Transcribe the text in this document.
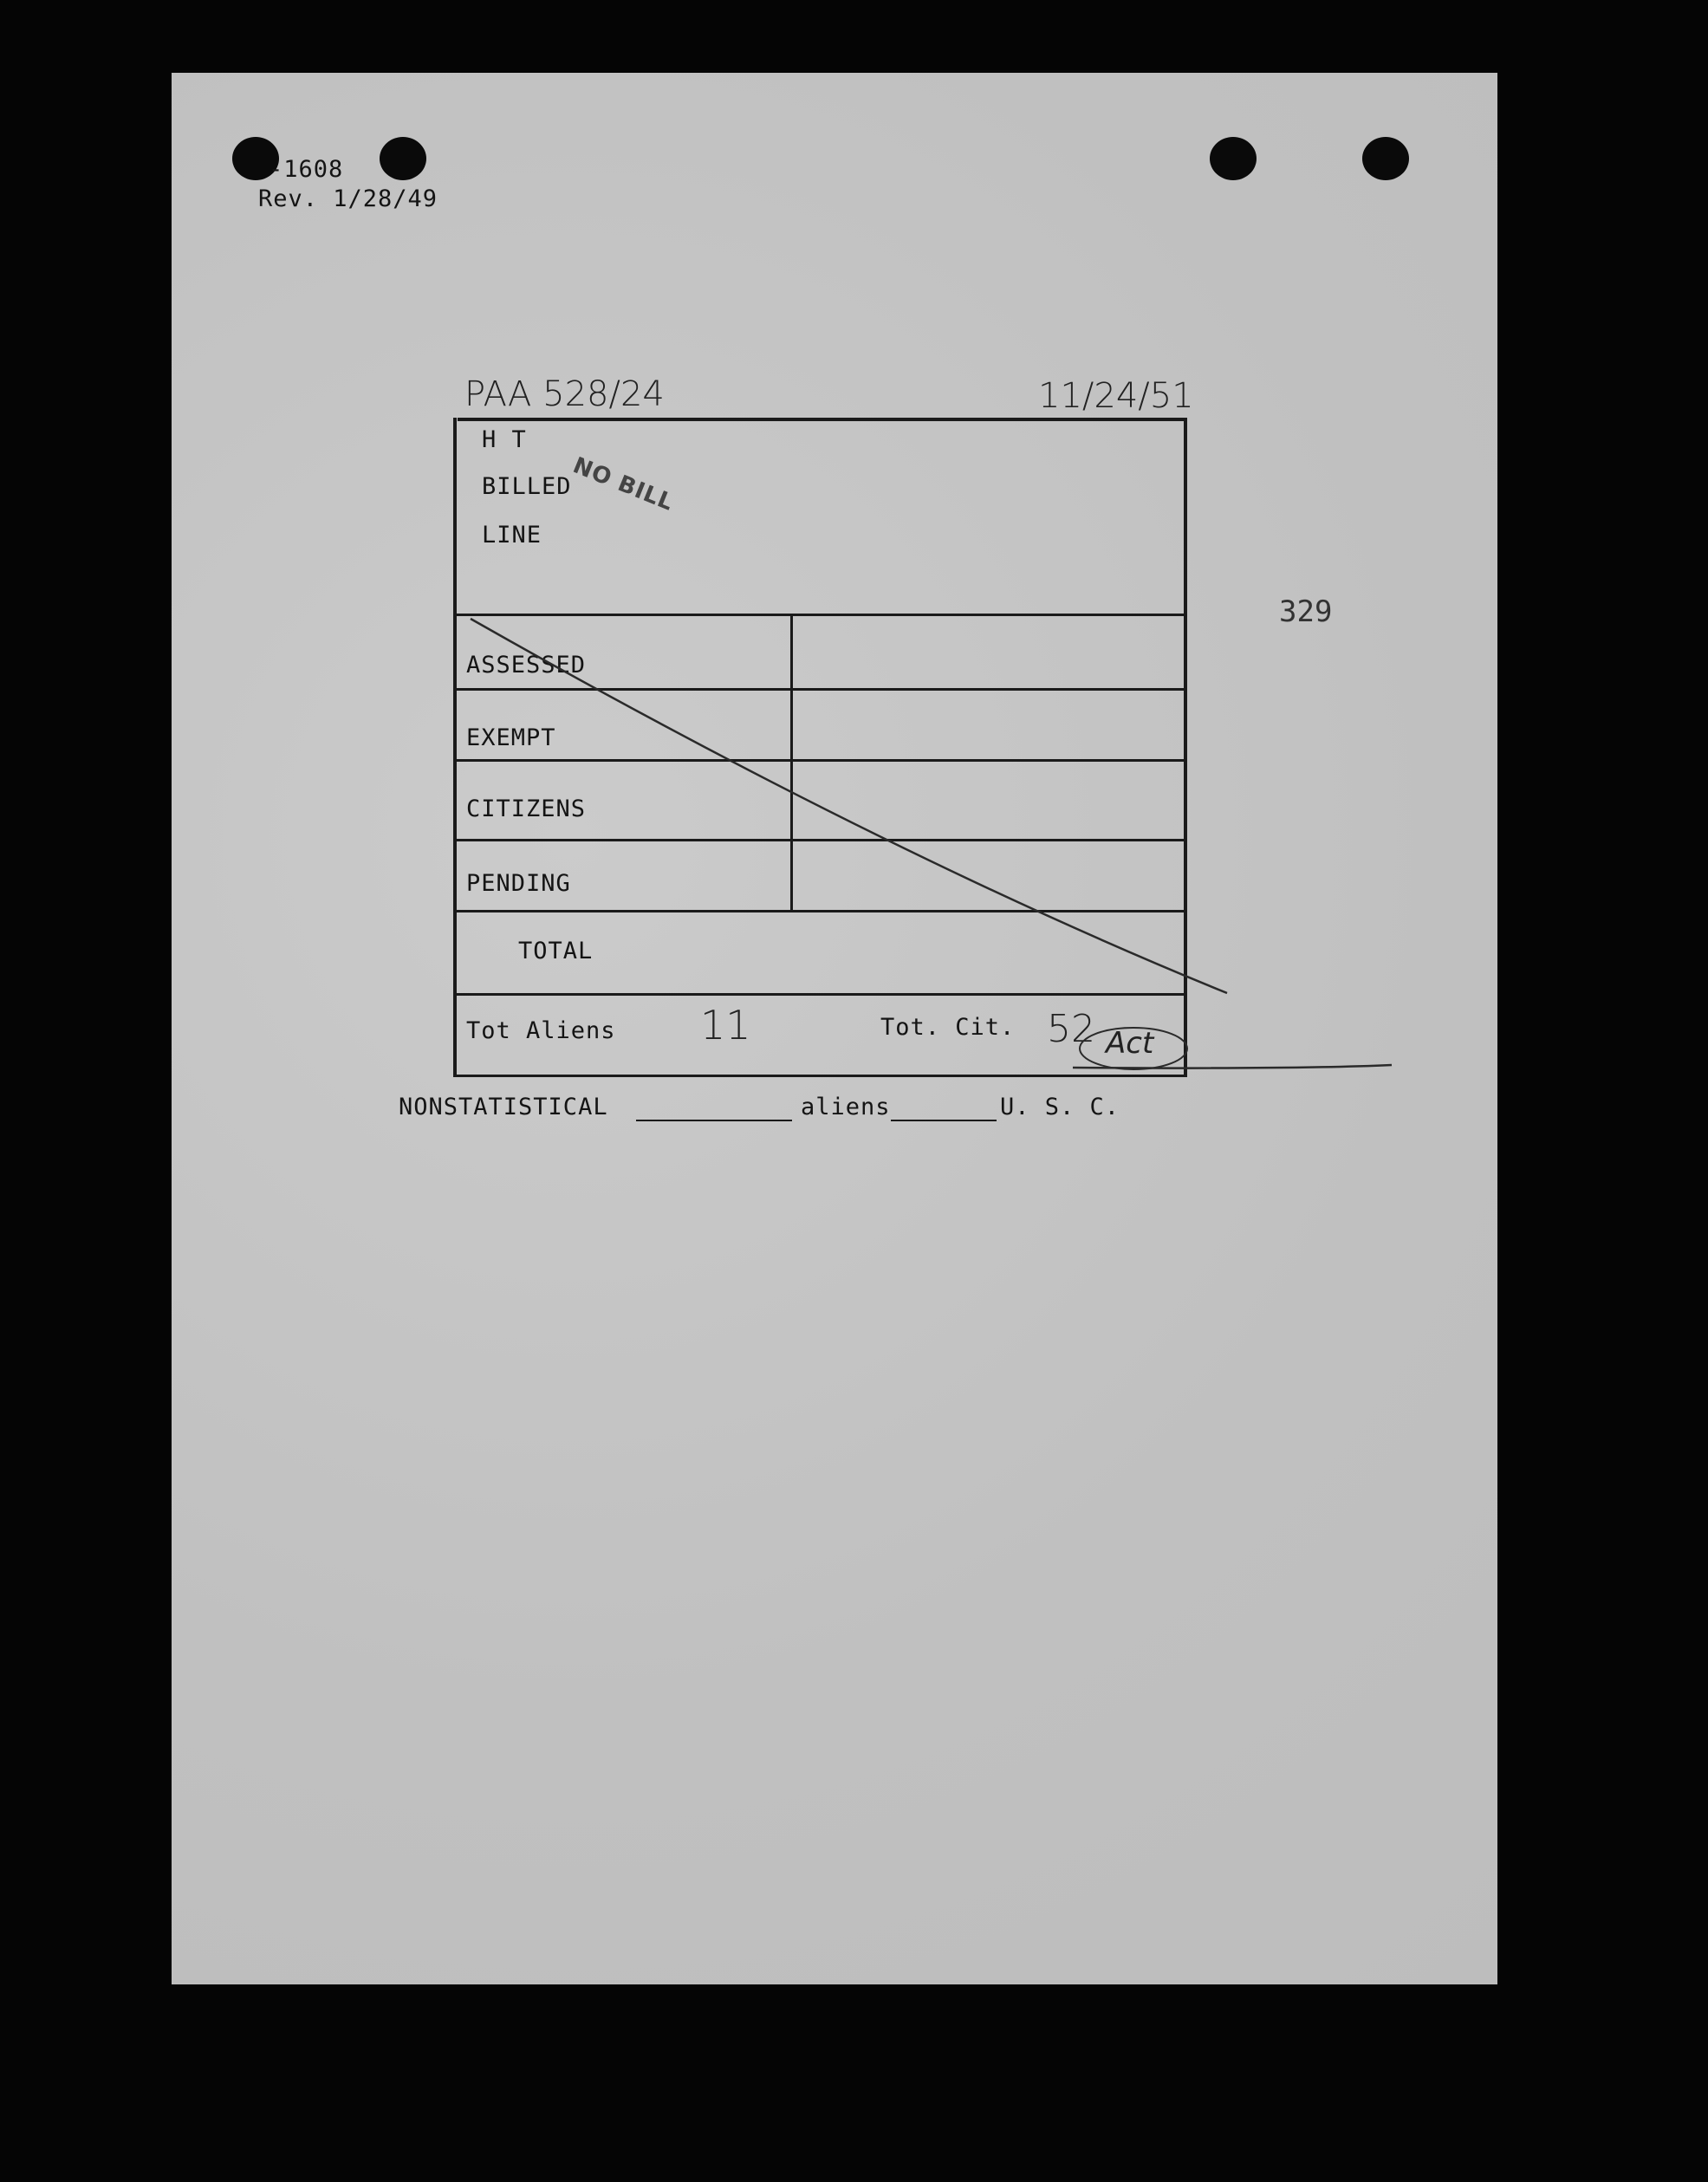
-1608
Rev. 1/28/49
PAA 528/24	11/24/51
329
H T
BILLED
LINE
NO BILL
ASSESSED
EXEMPT
CITIZENS
PENDING
TOTAL
Tot Aliens 11	Tot. Cit. 52 Act
NONSTATISTICAL	aliens	U. S. C.
